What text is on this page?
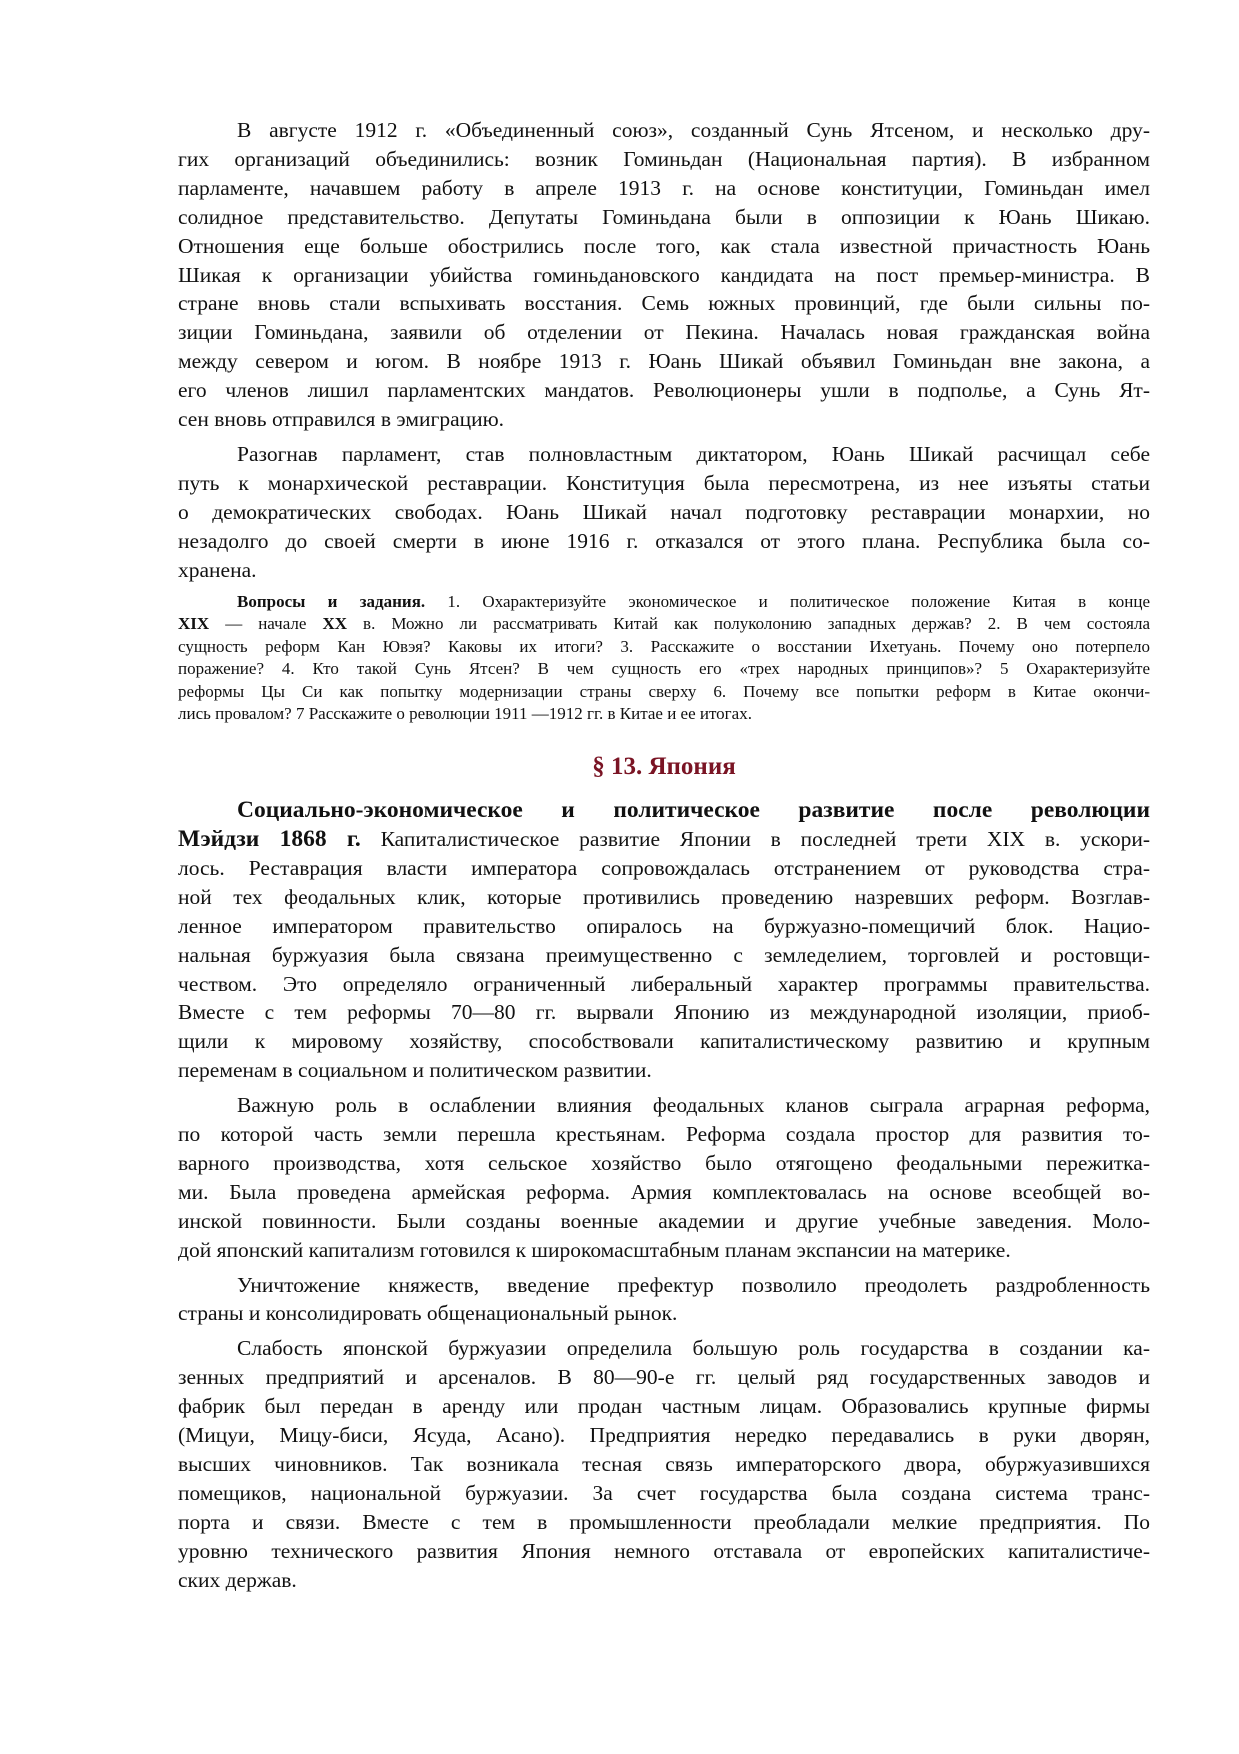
В августе 1912 г. «Объединенный союз», созданный Сунь Ятсеном, и несколько дру-
гих организаций объединились: возник Гоминьдан (Национальная партия). В избранном
парламенте, начавшем работу в апреле 1913 г. на основе конституции, Гоминьдан имел
солидное представительство. Депутаты Гоминьдана были в оппозиции к Юань Шикаю.
Отношения еще больше обострились после того, как стала известной причастность Юань
Шикая к организации убийства гоминьдановского кандидата на пост премьер-министра. В
стране вновь стали вспыхивать восстания. Семь южных провинций, где были сильны по-
зиции Гоминьдана, заявили об отделении от Пекина. Началась новая гражданская война
между севером и югом. В ноябре 1913 г. Юань Шикай объявил Гоминьдан вне закона, а
его членов лишил парламентских мандатов. Революционеры ушли в подполье, а Сунь Ят-
сен вновь отправился в эмиграцию.
Разогнав парламент, став полновластным диктатором, Юань Шикай расчищал себе
путь к монархической реставрации. Конституция была пересмотрена, из нее изъяты статьи
о демократических свободах. Юань Шикай начал подготовку реставрации монархии, но
незадолго до своей смерти в июне 1916 г. отказался от этого плана. Республика была со-
хранена.
Вопросы и задания. 1. Охарактеризуйте экономическое и политическое положение Китая в конце
XIX — начале XX в. Можно ли рассматривать Китай как полуколонию западных держав? 2. В чем состояла
сущность реформ Кан Ювэя? Каковы их итоги? 3. Расскажите о восстании Ихетуань. Почему оно потерпело
поражение? 4. Кто такой Сунь Ятсен? В чем сущность его «трех народных принципов»? 5 Охарактеризуйте
реформы Цы Си как попытку модернизации страны сверху 6. Почему все попытки реформ в Китае окончи-
лись провалом? 7 Расскажите о революции 1911 —1912 гг. в Китае и ее итогах.
§ 13. Япония
Социально-экономическое и политическое развитие после революции
Мэйдзи 1868 г. Капиталистическое развитие Японии в последней трети XIX в. ускори-
лось. Реставрация власти императора сопровождалась отстранением от руководства стра-
ной тех феодальных клик, которые противились проведению назревших реформ. Возглав-
ленное императором правительство опиралось на буржуазно-помещичий блок. Нацио-
нальная буржуазия была связана преимущественно с земледелием, торговлей и ростовщи-
чеством. Это определяло ограниченный либеральный характер программы правительства.
Вместе с тем реформы 70—80 гг. вырвали Японию из международной изоляции, приоб-
щили к мировому хозяйству, способствовали капиталистическому развитию и крупным
переменам в социальном и политическом развитии.
Важную роль в ослаблении влияния феодальных кланов сыграла аграрная реформа,
по которой часть земли перешла крестьянам. Реформа создала простор для развития то-
варного производства, хотя сельское хозяйство было отягощено феодальными пережитка-
ми. Была проведена армейская реформа. Армия комплектовалась на основе всеобщей во-
инской повинности. Были созданы военные академии и другие учебные заведения. Моло-
дой японский капитализм готовился к широкомасштабным планам экспансии на материке.
Уничтожение княжеств, введение префектур позволило преодолеть раздробленность
страны и консолидировать общенациональный рынок.
Слабость японской буржуазии определила большую роль государства в создании ка-
зенных предприятий и арсеналов. В 80—90-е гг. целый ряд государственных заводов и
фабрик был передан в аренду или продан частным лицам. Образовались крупные фирмы
(Мицуи, Мицу-биси, Ясуда, Асано). Предприятия нередко передавались в руки дворян,
высших чиновников. Так возникала тесная связь императорского двора, обуржуазившихся
помещиков, национальной буржуазии. За счет государства была создана система транс-
порта и связи. Вместе с тем в промышленности преобладали мелкие предприятия. По
уровню технического развития Япония немного отставала от европейских капиталистиче-
ских держав.
